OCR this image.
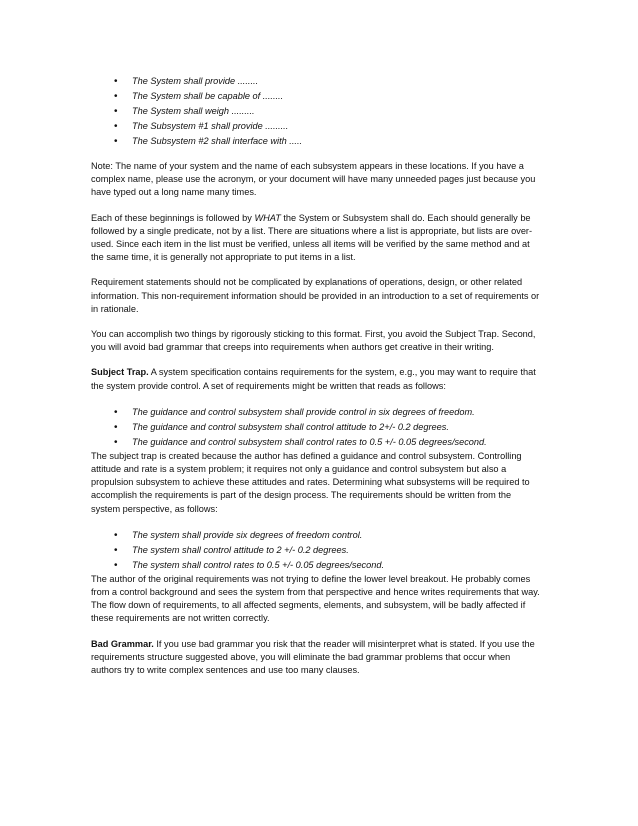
• The System shall provide ........
• The System shall be capable of ........
• The System shall weigh .........
• The Subsystem #1 shall provide .........
• The Subsystem #2 shall interface with .....

Note: The name of your system and the name of each subsystem appears in these locations. If you have a complex name, please use the acronym, or your document will have many unneeded pages just because you have typed out a long name many times.

Each of these beginnings is followed by WHAT the System or Subsystem shall do. Each should generally be followed by a single predicate, not by a list. There are situations where a list is appropriate, but lists are over-used. Since each item in the list must be verified, unless all items will be verified by the same method and at the same time, it is generally not appropriate to put items in a list.

Requirement statements should not be complicated by explanations of operations, design, or other related information. This non-requirement information should be provided in an introduction to a set of requirements or in rationale.

You can accomplish two things by rigorously sticking to this format. First, you avoid the Subject Trap. Second, you will avoid bad grammar that creeps into requirements when authors get creative in their writing.

Subject Trap. A system specification contains requirements for the system, e.g., you may want to require that the system provide control. A set of requirements might be written that reads as follows:

• The guidance and control subsystem shall provide control in six degrees of freedom.
• The guidance and control subsystem shall control attitude to 2+/- 0.2 degrees.
• The guidance and control subsystem shall control rates to 0.5 +/- 0.05 degrees/second.

The subject trap is created because the author has defined a guidance and control subsystem. Controlling attitude and rate is a system problem; it requires not only a guidance and control subsystem but also a propulsion subsystem to achieve these attitudes and rates. Determining what subsystems will be required to accomplish the requirements is part of the design process. The requirements should be written from the system perspective, as follows:

• The system shall provide six degrees of freedom control.
• The system shall control attitude to 2 +/- 0.2 degrees.
• The system shall control rates to 0.5 +/- 0.05 degrees/second.

The author of the original requirements was not trying to define the lower level breakout. He probably comes from a control background and sees the system from that perspective and hence writes requirements that way. The flow down of requirements, to all affected segments, elements, and subsystem, will be badly affected if these requirements are not written correctly.

Bad Grammar. If you use bad grammar you risk that the reader will misinterpret what is stated. If you use the requirements structure suggested above, you will eliminate the bad grammar problems that occur when authors try to write complex sentences and use too many clauses.
